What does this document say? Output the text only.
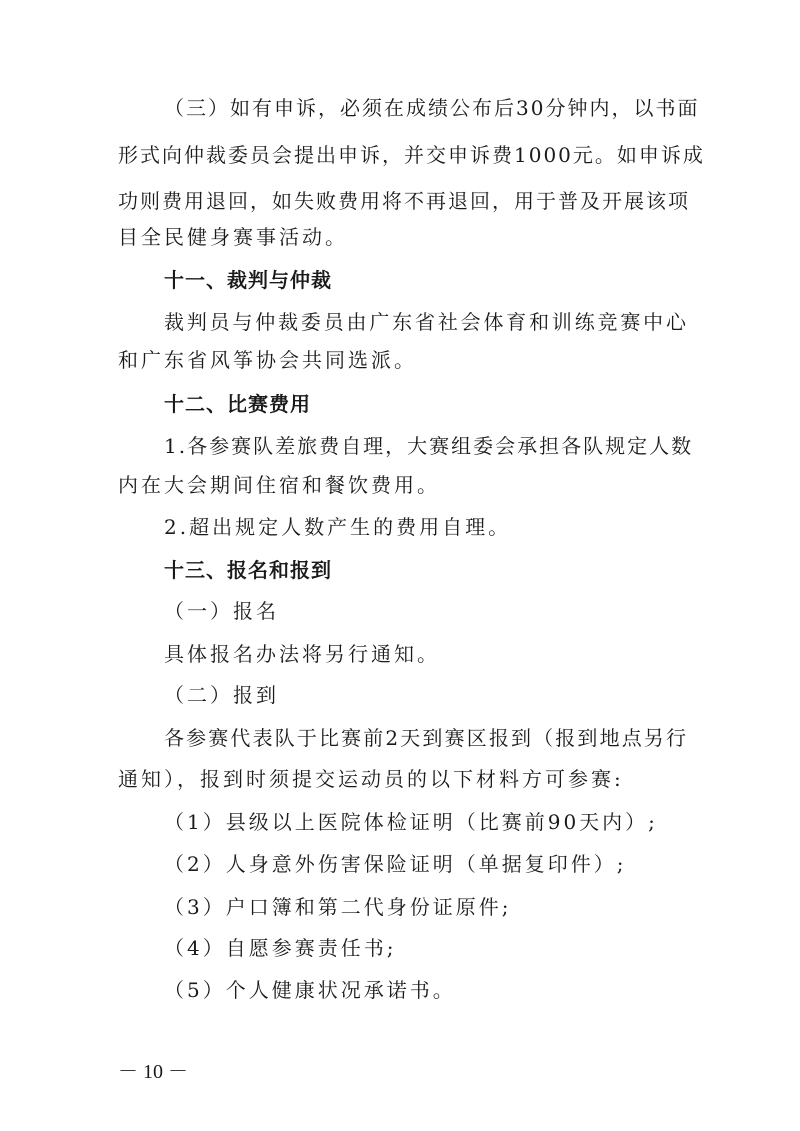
（三）如有申诉，必须在成绩公布后30分钟内，以书面
形式向仲裁委员会提出申诉，并交申诉费1000元。如申诉成
功则费用退回，如失败费用将不再退回，用于普及开展该项
目全民健身赛事活动。
十一、裁判与仲裁
裁判员与仲裁委员由广东省社会体育和训练竞赛中心
和广东省风筝协会共同选派。
十二、比赛费用
1.各参赛队差旅费自理，大赛组委会承担各队规定人数
内在大会期间住宿和餐饮费用。
2.超出规定人数产生的费用自理。
十三、报名和报到
（一）报名
具体报名办法将另行通知。
（二）报到
各参赛代表队于比赛前2天到赛区报到（报到地点另行
通知），报到时须提交运动员的以下材料方可参赛:
（1）县级以上医院体检证明（比赛前90天内）;
（2）人身意外伤害保险证明（单据复印件）;
（3）户口簿和第二代身份证原件;
（4）自愿参赛责任书;
（5）个人健康状况承诺书。
－ 10 －
